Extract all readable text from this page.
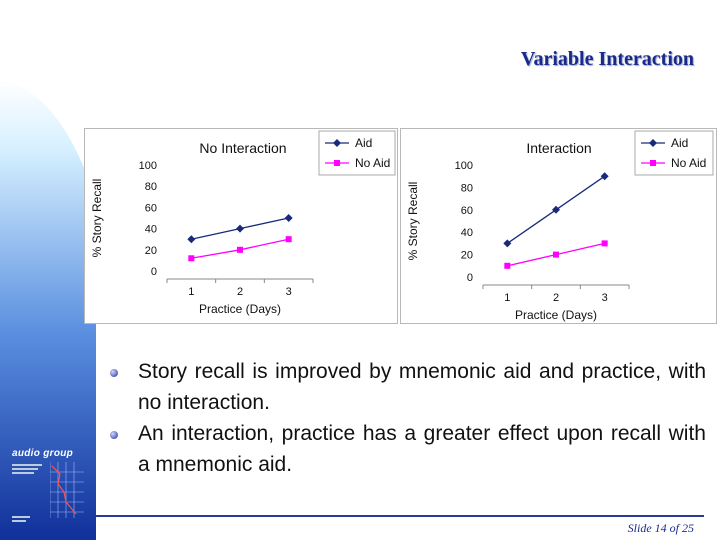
audio group
Variable Interaction
No Interaction
0
20
40
60
80
100
1	2	3
Practice (Days)
% Story Recall
Aid
No Aid
Interaction
0
20
40
60
80
100
1	2	3
Practice (Days)
% Story Recall
Aid
No Aid
Story recall is improved by mnemonic aid and practice, with no interaction.
An interaction, practice has a greater effect upon recall with a mnemonic aid.
Slide 14 of 25
